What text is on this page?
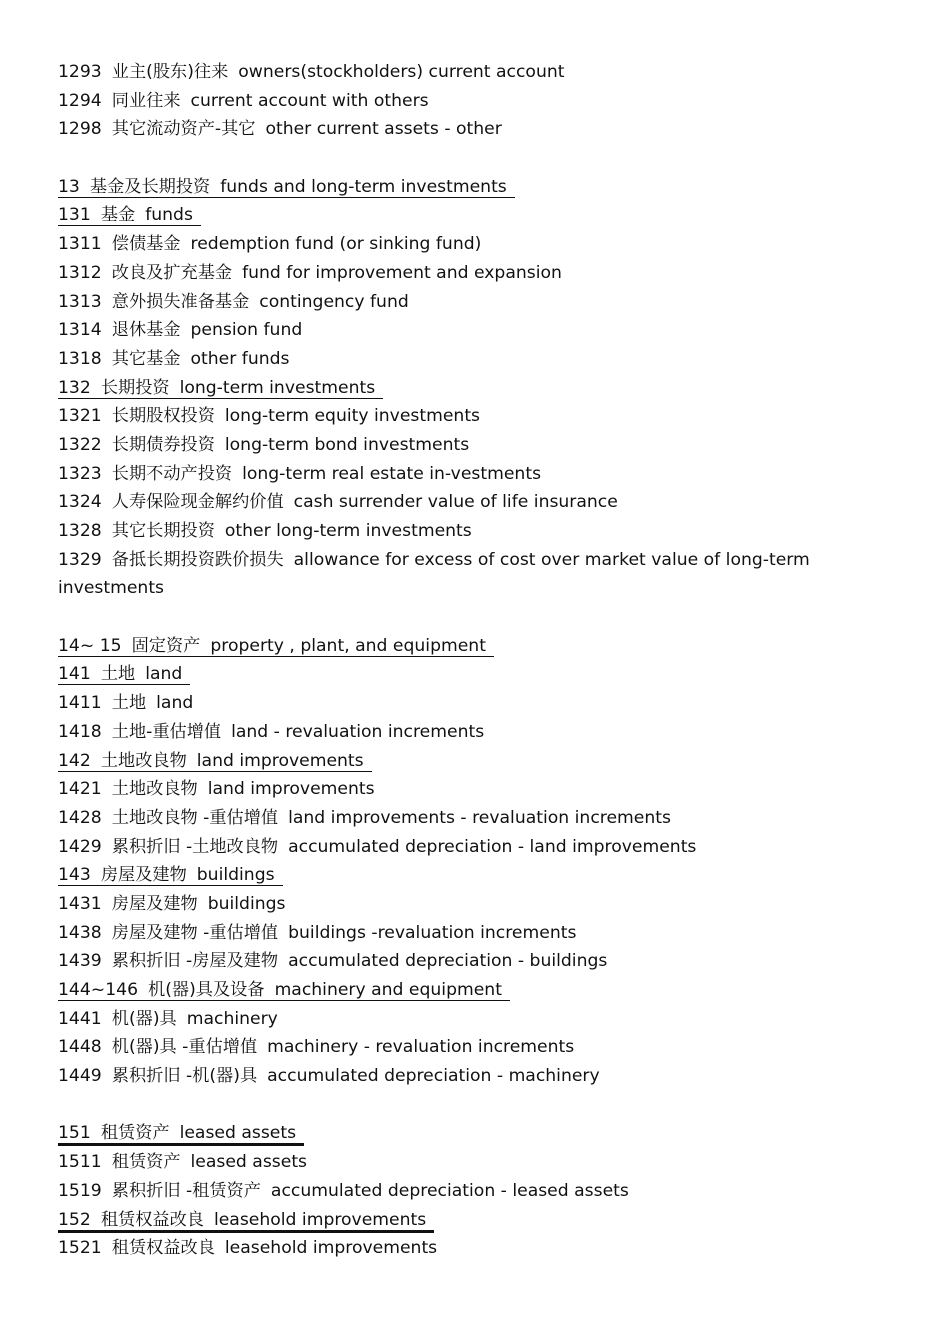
1293 业主(股东)往来 owners(stockholders) current account
1294 同业往来 current account with others
1298 其它流动资产-其它 other current assets - other
13 基金及长期投资 funds and long-term investments
131 基金 funds
1311 偿债基金 redemption fund (or sinking fund)
1312 改良及扩充基金 fund for improvement and expansion
1313 意外损失准备基金 contingency fund
1314 退休基金 pension fund
1318 其它基金 other funds
132 长期投资 long-term investments
1321 长期股权投资 long-term equity investments
1322 长期债券投资 long-term bond investments
1323 长期不动产投资 long-term real estate in-vestments
1324 人寿保险现金解约价值 cash surrender value of life insurance
1328 其它长期投资 other long-term investments
1329 备抵长期投资跌价损失 allowance for excess of cost over market value of long-term investments
14~ 15 固定资产 property , plant, and equipment
141 土地 land
1411 土地 land
1418 土地-重估增值 land - revaluation increments
142 土地改良物 land improvements
1421 土地改良物 land improvements
1428 土地改良物 -重估增值 land improvements - revaluation increments
1429 累积折旧 -土地改良物 accumulated depreciation - land improvements
143 房屋及建物 buildings
1431 房屋及建物 buildings
1438 房屋及建物 -重估增值 buildings -revaluation increments
1439 累积折旧 -房屋及建物 accumulated depreciation - buildings
144~146 机(器)具及设备 machinery and equipment
1441 机(器)具 machinery
1448 机(器)具 -重估增值 machinery - revaluation increments
1449 累积折旧 -机(器)具 accumulated depreciation - machinery
151 租赁资产 leased assets
1511 租赁资产 leased assets
1519 累积折旧 -租赁资产 accumulated depreciation - leased assets
152 租赁权益改良 leasehold improvements
1521 租赁权益改良 leasehold improvements
